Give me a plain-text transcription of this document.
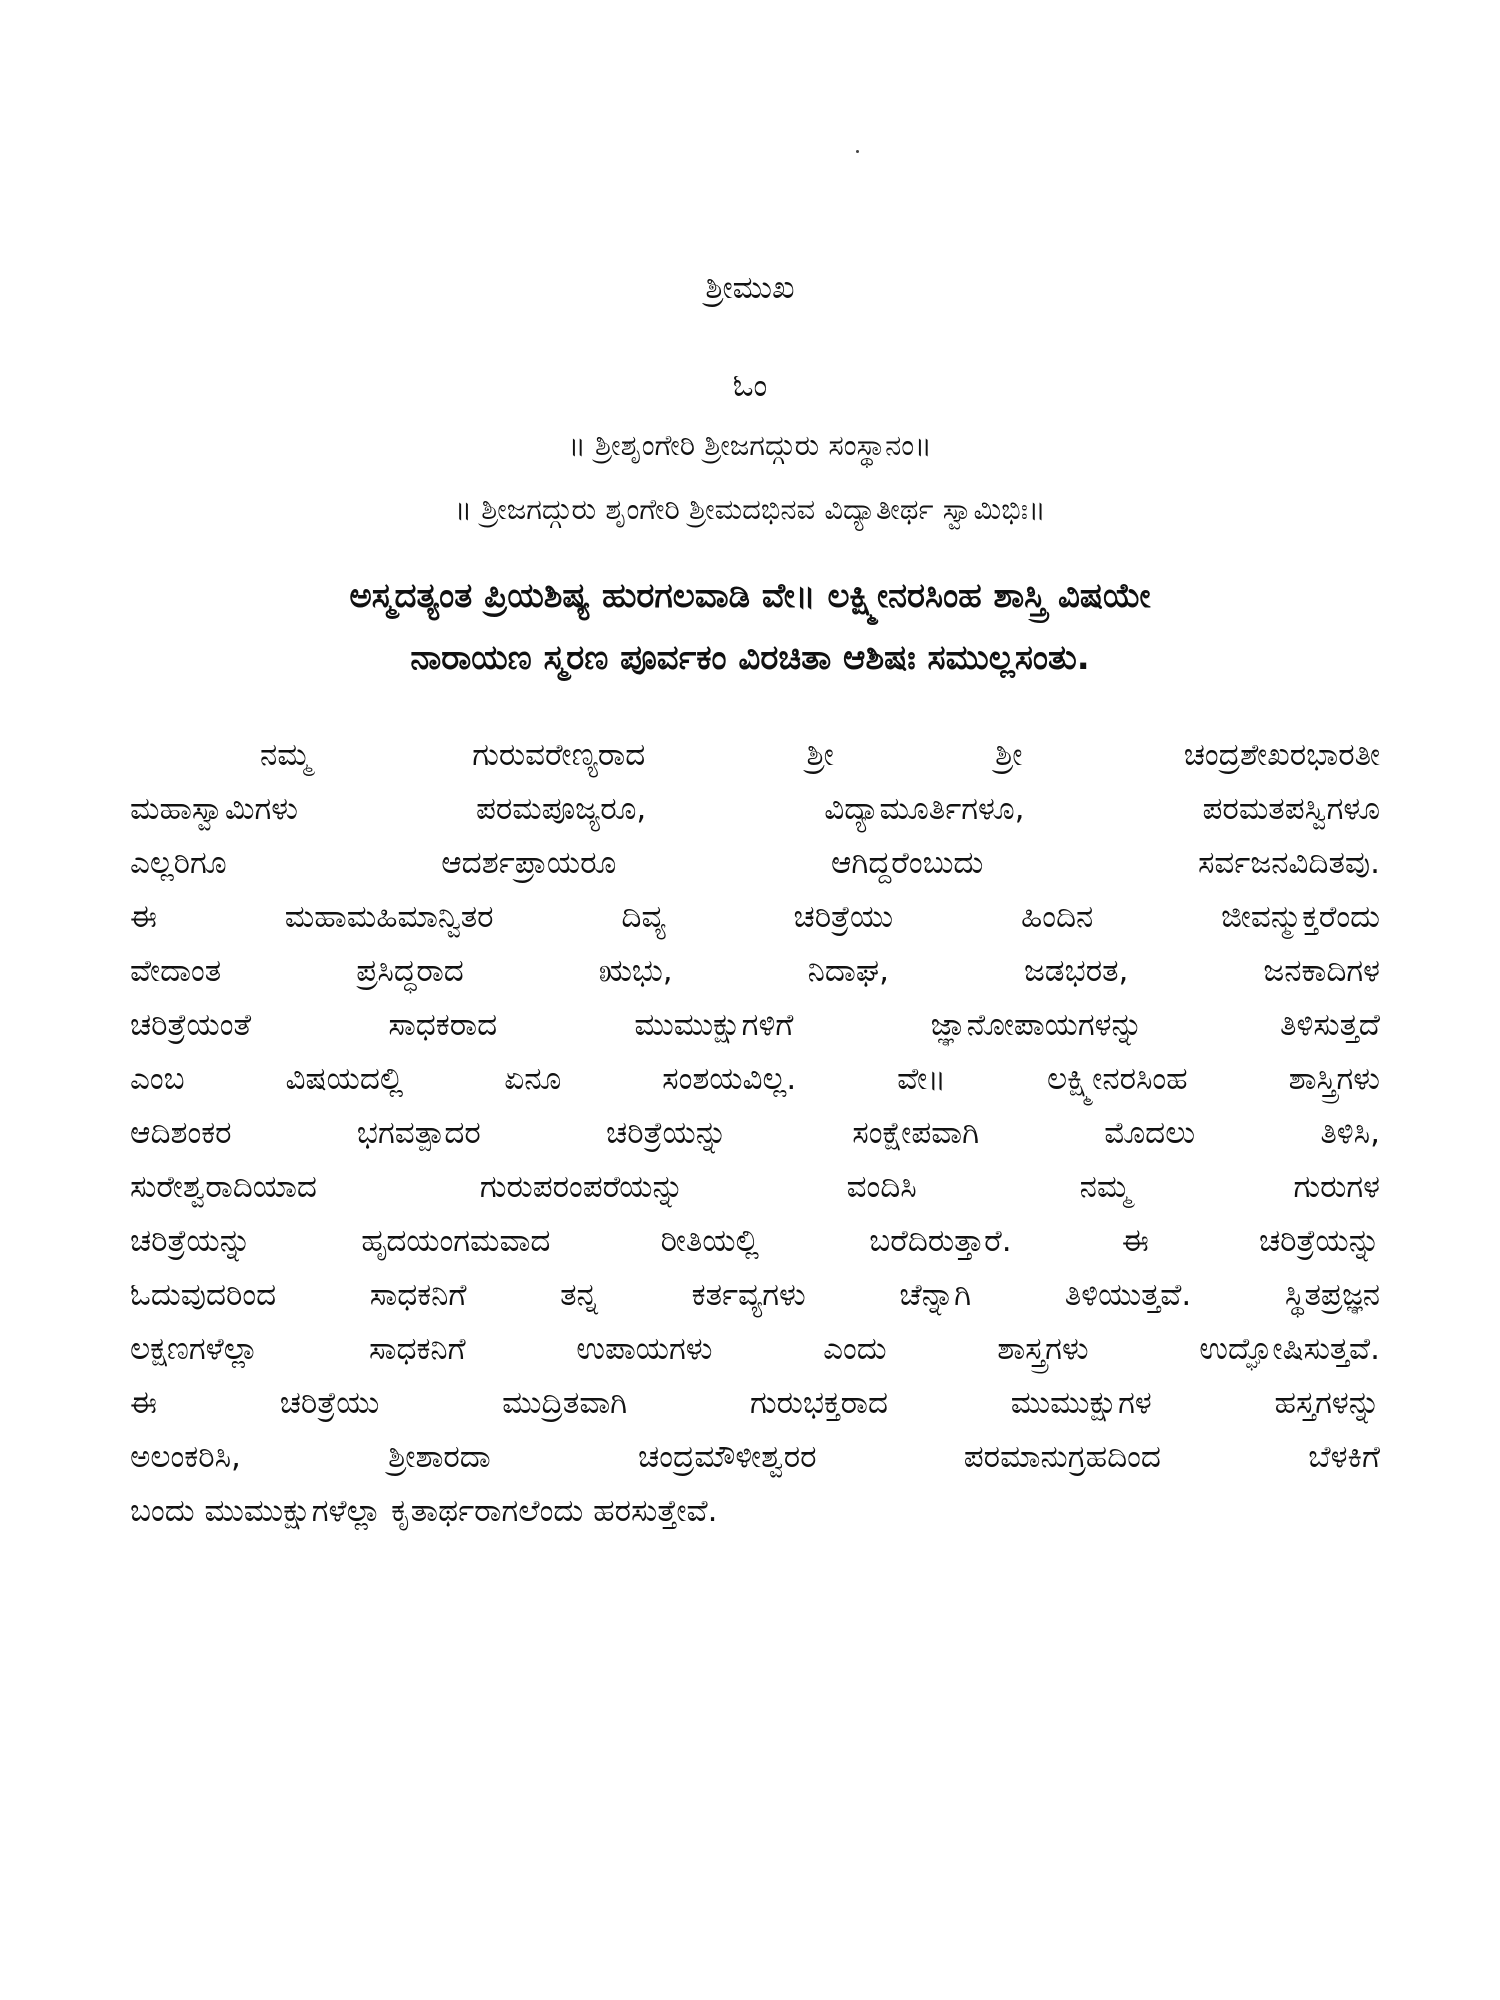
ಶ್ರೀಮುಖ
ಓಂ
॥ ಶ್ರೀಶೃಂಗೇರಿ ಶ್ರೀಜಗದ್ಗುರು ಸಂಸ್ಥಾನಂ॥
॥ ಶ್ರೀಜಗದ್ಗುರು ಶೃಂಗೇರಿ ಶ್ರೀಮದಭಿನವ ವಿದ್ಯಾತೀರ್ಥ ಸ್ವಾಮಿಭಿಃ॥
ಅಸ್ಮದತ್ಯಂತ ಪ್ರಿಯಶಿಷ್ಯ ಹುರಗಲವಾಡಿ ವೇ॥ ಲಕ್ಷ್ಮೀನರಸಿಂಹ ಶಾಸ್ತ್ರಿ ವಿಷಯೇ
ನಾರಾಯಣ ಸ್ಮರಣ ಪೂರ್ವಕಂ ವಿರಚಿತಾ ಆಶಿಷಃ ಸಮುಲ್ಲಸಂತು.
ನಮ್ಮ ಗುರುವರೇಣ್ಯರಾದ ಶ್ರೀ ಶ್ರೀ ಚಂದ್ರಶೇಖರಭಾರತೀ
ಮಹಾಸ್ವಾಮಿಗಳು ಪರಮಪೂಜ್ಯರೂ, ವಿದ್ಯಾಮೂರ್ತಿಗಳೂ, ಪರಮತಪಸ್ವಿಗಳೂ
ಎಲ್ಲರಿಗೂ ಆದರ್ಶಪ್ರಾಯರೂ ಆಗಿದ್ದರೆಂಬುದು ಸರ್ವಜನವಿದಿತವು.
ಈ ಮಹಾಮಹಿಮಾನ್ವಿತರ ದಿವ್ಯ ಚರಿತ್ರೆಯು ಹಿಂದಿನ ಜೀವನ್ಮುಕ್ತರೆಂದು
ವೇದಾಂತ ಪ್ರಸಿದ್ಧರಾದ ಋಭು, ನಿದಾಘ, ಜಡಭರತ, ಜನಕಾದಿಗಳ
ಚರಿತ್ರೆಯಂತೆ ಸಾಧಕರಾದ ಮುಮುಕ್ಷುಗಳಿಗೆ ಜ್ಞಾನೋಪಾಯಗಳನ್ನು ತಿಳಿಸುತ್ತದೆ
ಎಂಬ ವಿಷಯದಲ್ಲಿ ಏನೂ ಸಂಶಯವಿಲ್ಲ. ವೇ॥ ಲಕ್ಷ್ಮೀನರಸಿಂಹ ಶಾಸ್ತ್ರಿಗಳು
ಆದಿಶಂಕರ ಭಗವತ್ಪಾದರ ಚರಿತ್ರೆಯನ್ನು ಸಂಕ್ಷೇಪವಾಗಿ ಮೊದಲು ತಿಳಿಸಿ,
ಸುರೇಶ್ವರಾದಿಯಾದ ಗುರುಪರಂಪರೆಯನ್ನು ವಂದಿಸಿ ನಮ್ಮ ಗುರುಗಳ
ಚರಿತ್ರೆಯನ್ನು ಹೃದಯಂಗಮವಾದ ರೀತಿಯಲ್ಲಿ ಬರೆದಿರುತ್ತಾರೆ. ಈ ಚರಿತ್ರೆಯನ್ನು
ಓದುವುದರಿಂದ ಸಾಧಕನಿಗೆ ತನ್ನ ಕರ್ತವ್ಯಗಳು ಚೆನ್ನಾಗಿ ತಿಳಿಯುತ್ತವೆ. ಸ್ಥಿತಪ್ರಜ್ಞನ
ಲಕ್ಷಣಗಳೆಲ್ಲಾ ಸಾಧಕನಿಗೆ ಉಪಾಯಗಳು ಎಂದು ಶಾಸ್ತ್ರಗಳು ಉದ್ಘೋಷಿಸುತ್ತವೆ.
ಈ ಚರಿತ್ರೆಯು ಮುದ್ರಿತವಾಗಿ ಗುರುಭಕ್ತರಾದ ಮುಮುಕ್ಷುಗಳ ಹಸ್ತಗಳನ್ನು
ಅಲಂಕರಿಸಿ, ಶ್ರೀಶಾರದಾ ಚಂದ್ರಮೌಳೀಶ್ವರರ ಪರಮಾನುಗ್ರಹದಿಂದ ಬೆಳಕಿಗೆ
ಬಂದು ಮುಮುಕ್ಷುಗಳೆಲ್ಲಾ ಕೃತಾರ್ಥರಾಗಲೆಂದು ಹರಸುತ್ತೇವೆ.
